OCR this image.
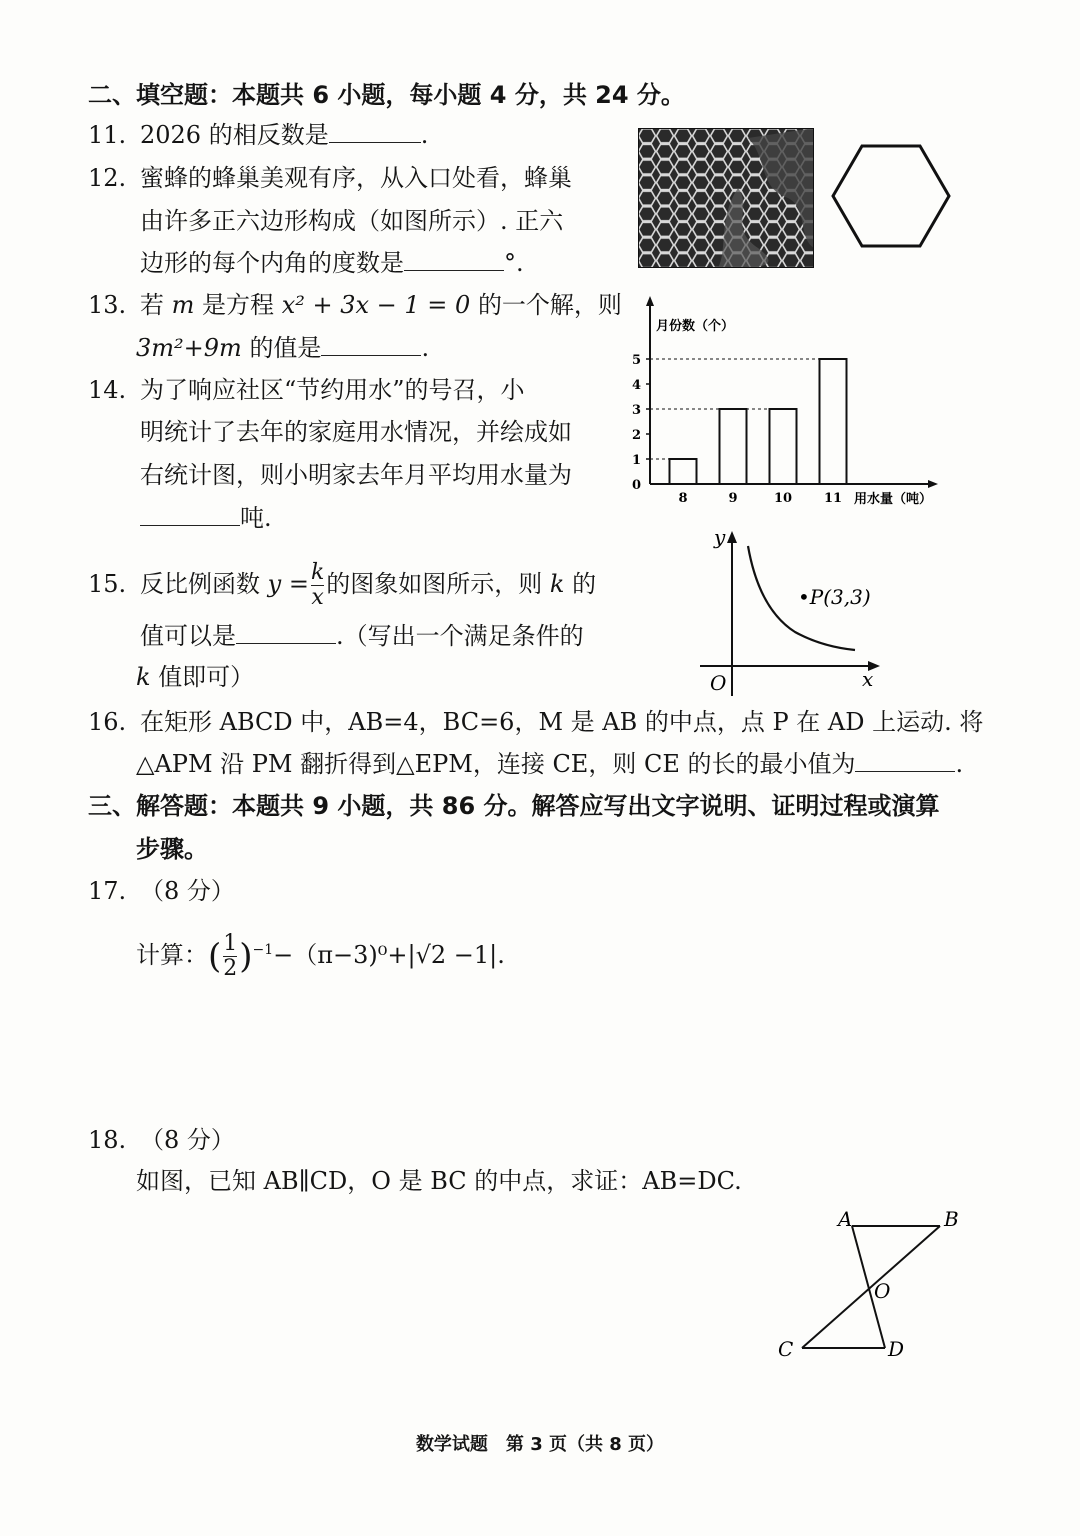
二、填空题：本题共 6 小题，每小题 4 分，共 24 分。
11. 2026 的相反数是	.
12. 蜜蜂的蜂巢美观有序，从入口处看，蜂巢
由许多正六边形构成（如图所示）. 正六
边形的每个内角的度数是	°.
13. 若 m 是方程 x² + 3x − 1 = 0 的一个解，则
3m²+9m 的值是	.
14. 为了响应社区“节约用水”的号召，小
明统计了去年的家庭用水情况，并绘成如
右统计图，则小明家去年月平均用水量为
吨.
月份数（个）
用水量（吨）
0
1
2
3
4
5
8	9	10 11
15. 反比例函数 $y = \frac{k}{x}$ 的图象如图所示，则 k 的
值可以是	.（写出一个满足条件的
k 值即可）
y
x
O
•P(3,3)
16. 在矩形 ABCD 中，AB=4，BC=6，M 是 AB 的中点，点 P 在 AD 上运动. 将
△APM 沿 PM 翻折得到△EPM，连接 CE，则 CE 的长的最小值为	.
三、解答题：本题共 9 小题，共 86 分。解答应写出文字说明、证明过程或演算
步骤。
17. （8 分）
计算：( $\frac{1}{2} )^{-1}-(\pi-3)^0+|√2 -1|$.
18. （8 分）
如图，已知 AB∥CD，O 是 BC 的中点，求证：AB=DC.
A	B
C	D
O
数学试题　第 3 页（共 8 页）
